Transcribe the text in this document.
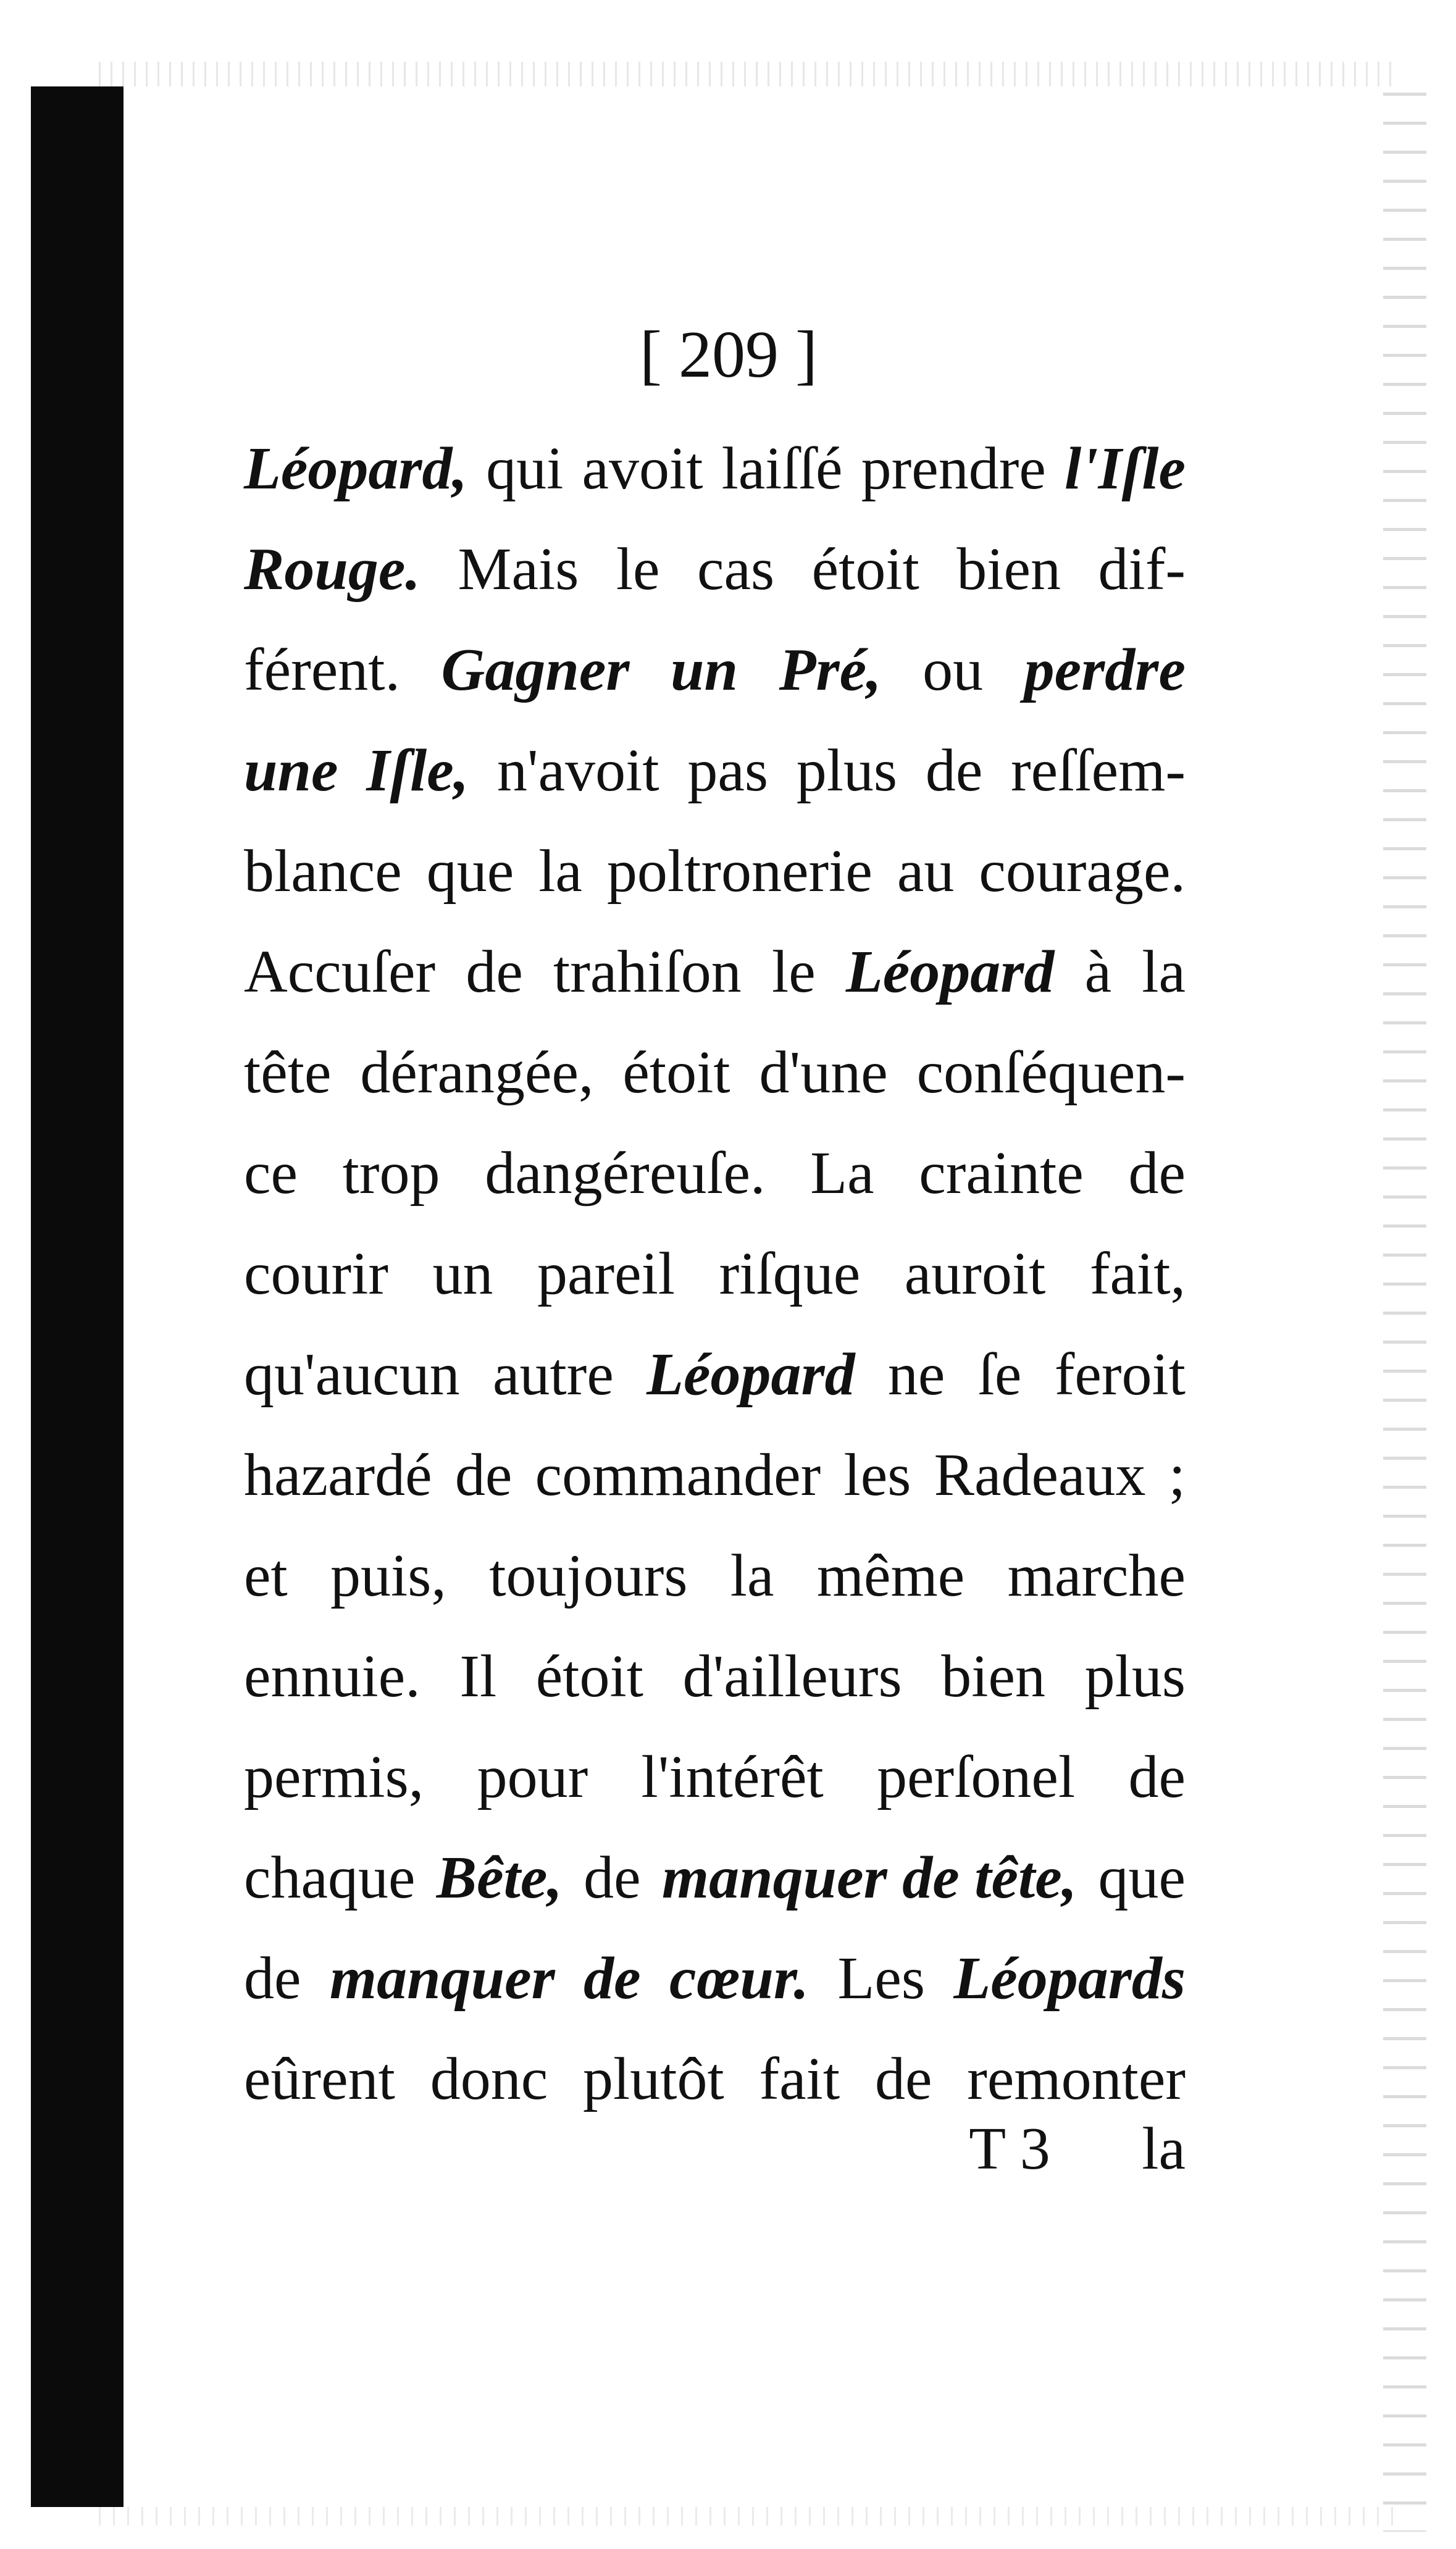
[ 209 ]
Léopard, qui avoit laiſſé prendre l'Iſle
Rouge. Mais le cas étoit bien dif-
férent. Gagner un Pré, ou perdre
une Iſle, n'avoit pas plus de reſſem-
blance que la poltronerie au courage.
Accuſer de trahiſon le Léopard à la
tête dérangée, étoit d'une conſéquen-
ce trop dangéreuſe. La crainte de
courir un pareil riſque auroit fait,
qu'aucun autre Léopard ne ſe feroit
hazardé de commander les Radeaux ;
et puis, toujours la même marche
ennuie. Il étoit d'ailleurs bien plus
permis, pour l'intérêt perſonel de
chaque Bête, de manquer de tête, que
de manquer de cœur. Les Léopards
eûrent donc plutôt fait de remonter
T 3	la
